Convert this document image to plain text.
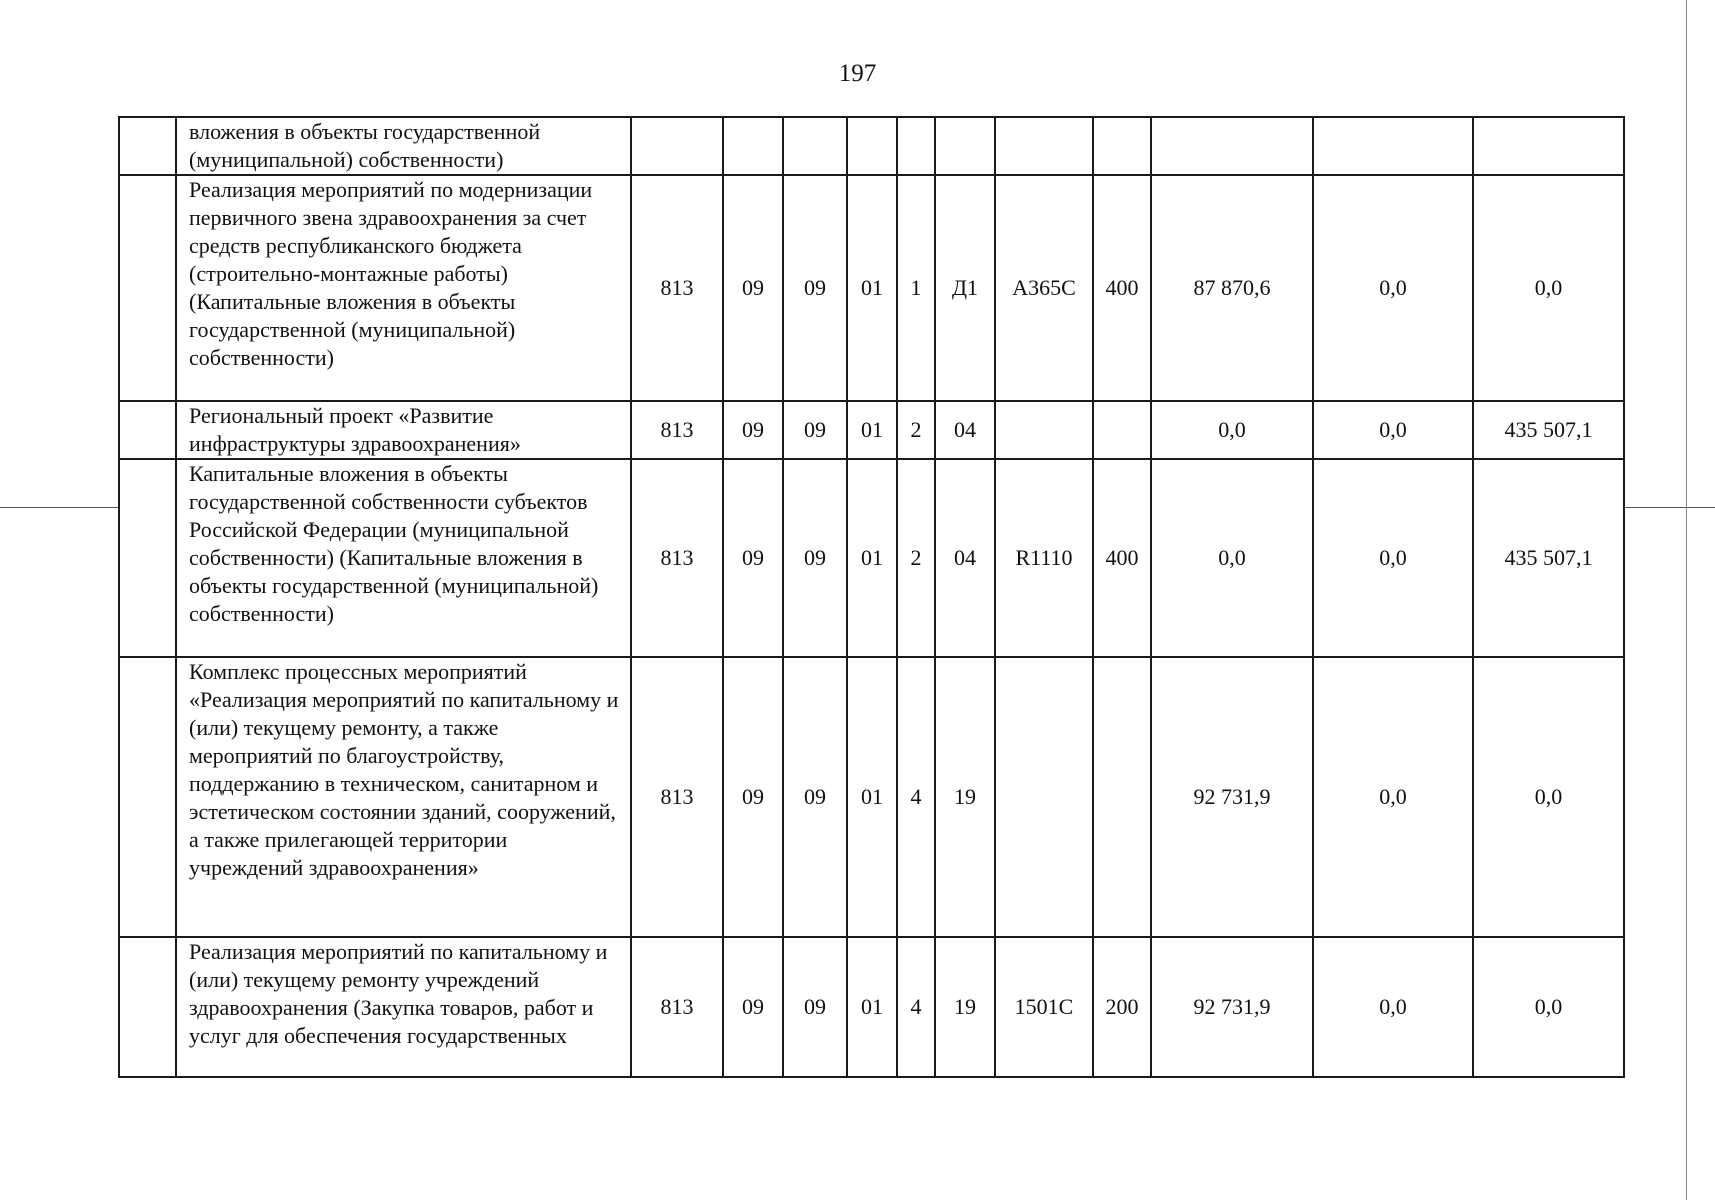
197
	вложения в объекты государственной (муниципальной) собственности)											
	Реализация мероприятий по модернизации первичного звена здравоохранения за счет средств республиканского бюджета (строительно-монтажные работы) (Капитальные вложения в объекты государственной (муниципальной) собственности)	813	09	09	01	1	Д1	А365С	400	87 870,6	0,0	0,0
	Региональный проект «Развитие инфраструктуры здравоохранения»	813	09	09	01	2	04			0,0	0,0	435 507,1
	Капитальные вложения в объекты государственной собственности субъектов Российской Федерации (муниципальной собственности) (Капитальные вложения в объекты государственной (муниципальной) собственности)	813	09	09	01	2	04	R1110	400	0,0	0,0	435 507,1
	Комплекс процессных мероприятий «Реализация мероприятий по капитальному и (или) текущему ремонту, а также мероприятий по благоустройству, поддержанию в техническом, санитарном и эстетическом состоянии зданий, сооружений, а также прилегающей территории учреждений здравоохранения»	813	09	09	01	4	19			92 731,9	0,0	0,0
	Реализация мероприятий по капитальному и (или) текущему ремонту учреждений здравоохранения (Закупка товаров, работ и услуг для обеспечения государственных	813	09	09	01	4	19	1501С	200	92 731,9	0,0	0,0
